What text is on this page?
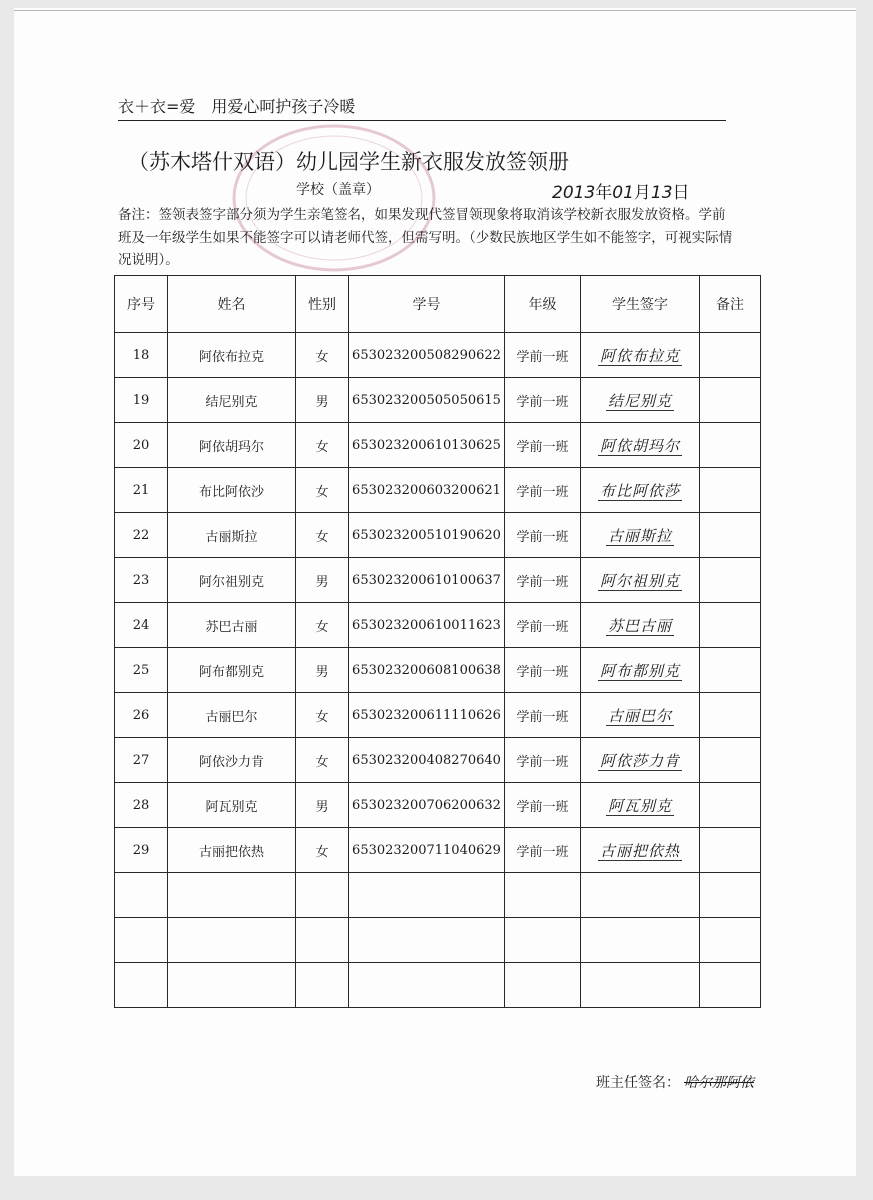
衣＋衣=爱　用爱心呵护孩子冷暖
（苏木塔什双语）幼儿园学生新衣服发放签领册
学校（盖章）	2013年01月13日
备注：签领表签字部分须为学生亲笔签名，如果发现代签冒领现象将取消该学校新衣服发放资格。学前班及一年级学生如果不能签字可以请老师代签，但需写明。（少数民族地区学生如不能签字，可视实际情况说明）。
序号	姓名	性别	学号	年级	学生签字	备注
18	阿依布拉克	女	653023200508290622	学前一班	阿依布拉克	
19	结尼别克	男	653023200505050615	学前一班	结尼别克	
20	阿依胡玛尔	女	653023200610130625	学前一班	阿依胡玛尔	
21	布比阿依沙	女	653023200603200621	学前一班	布比阿依莎	
22	古丽斯拉	女	653023200510190620	学前一班	古丽斯拉	
23	阿尔祖别克	男	653023200610100637	学前一班	阿尔祖别克	
24	苏巴古丽	女	653023200610011623	学前一班	苏巴古丽	
25	阿布都别克	男	653023200608100638	学前一班	阿布都别克	
26	古丽巴尔	女	653023200611110626	学前一班	古丽巴尔	
27	阿依沙力肯	女	653023200408270640	学前一班	阿依莎力肯	
28	阿瓦别克	男	653023200706200632	学前一班	阿瓦别克	
29	古丽把依热	女	653023200711040629	学前一班	古丽把依热	

班主任签名： 哈尔那阿依
